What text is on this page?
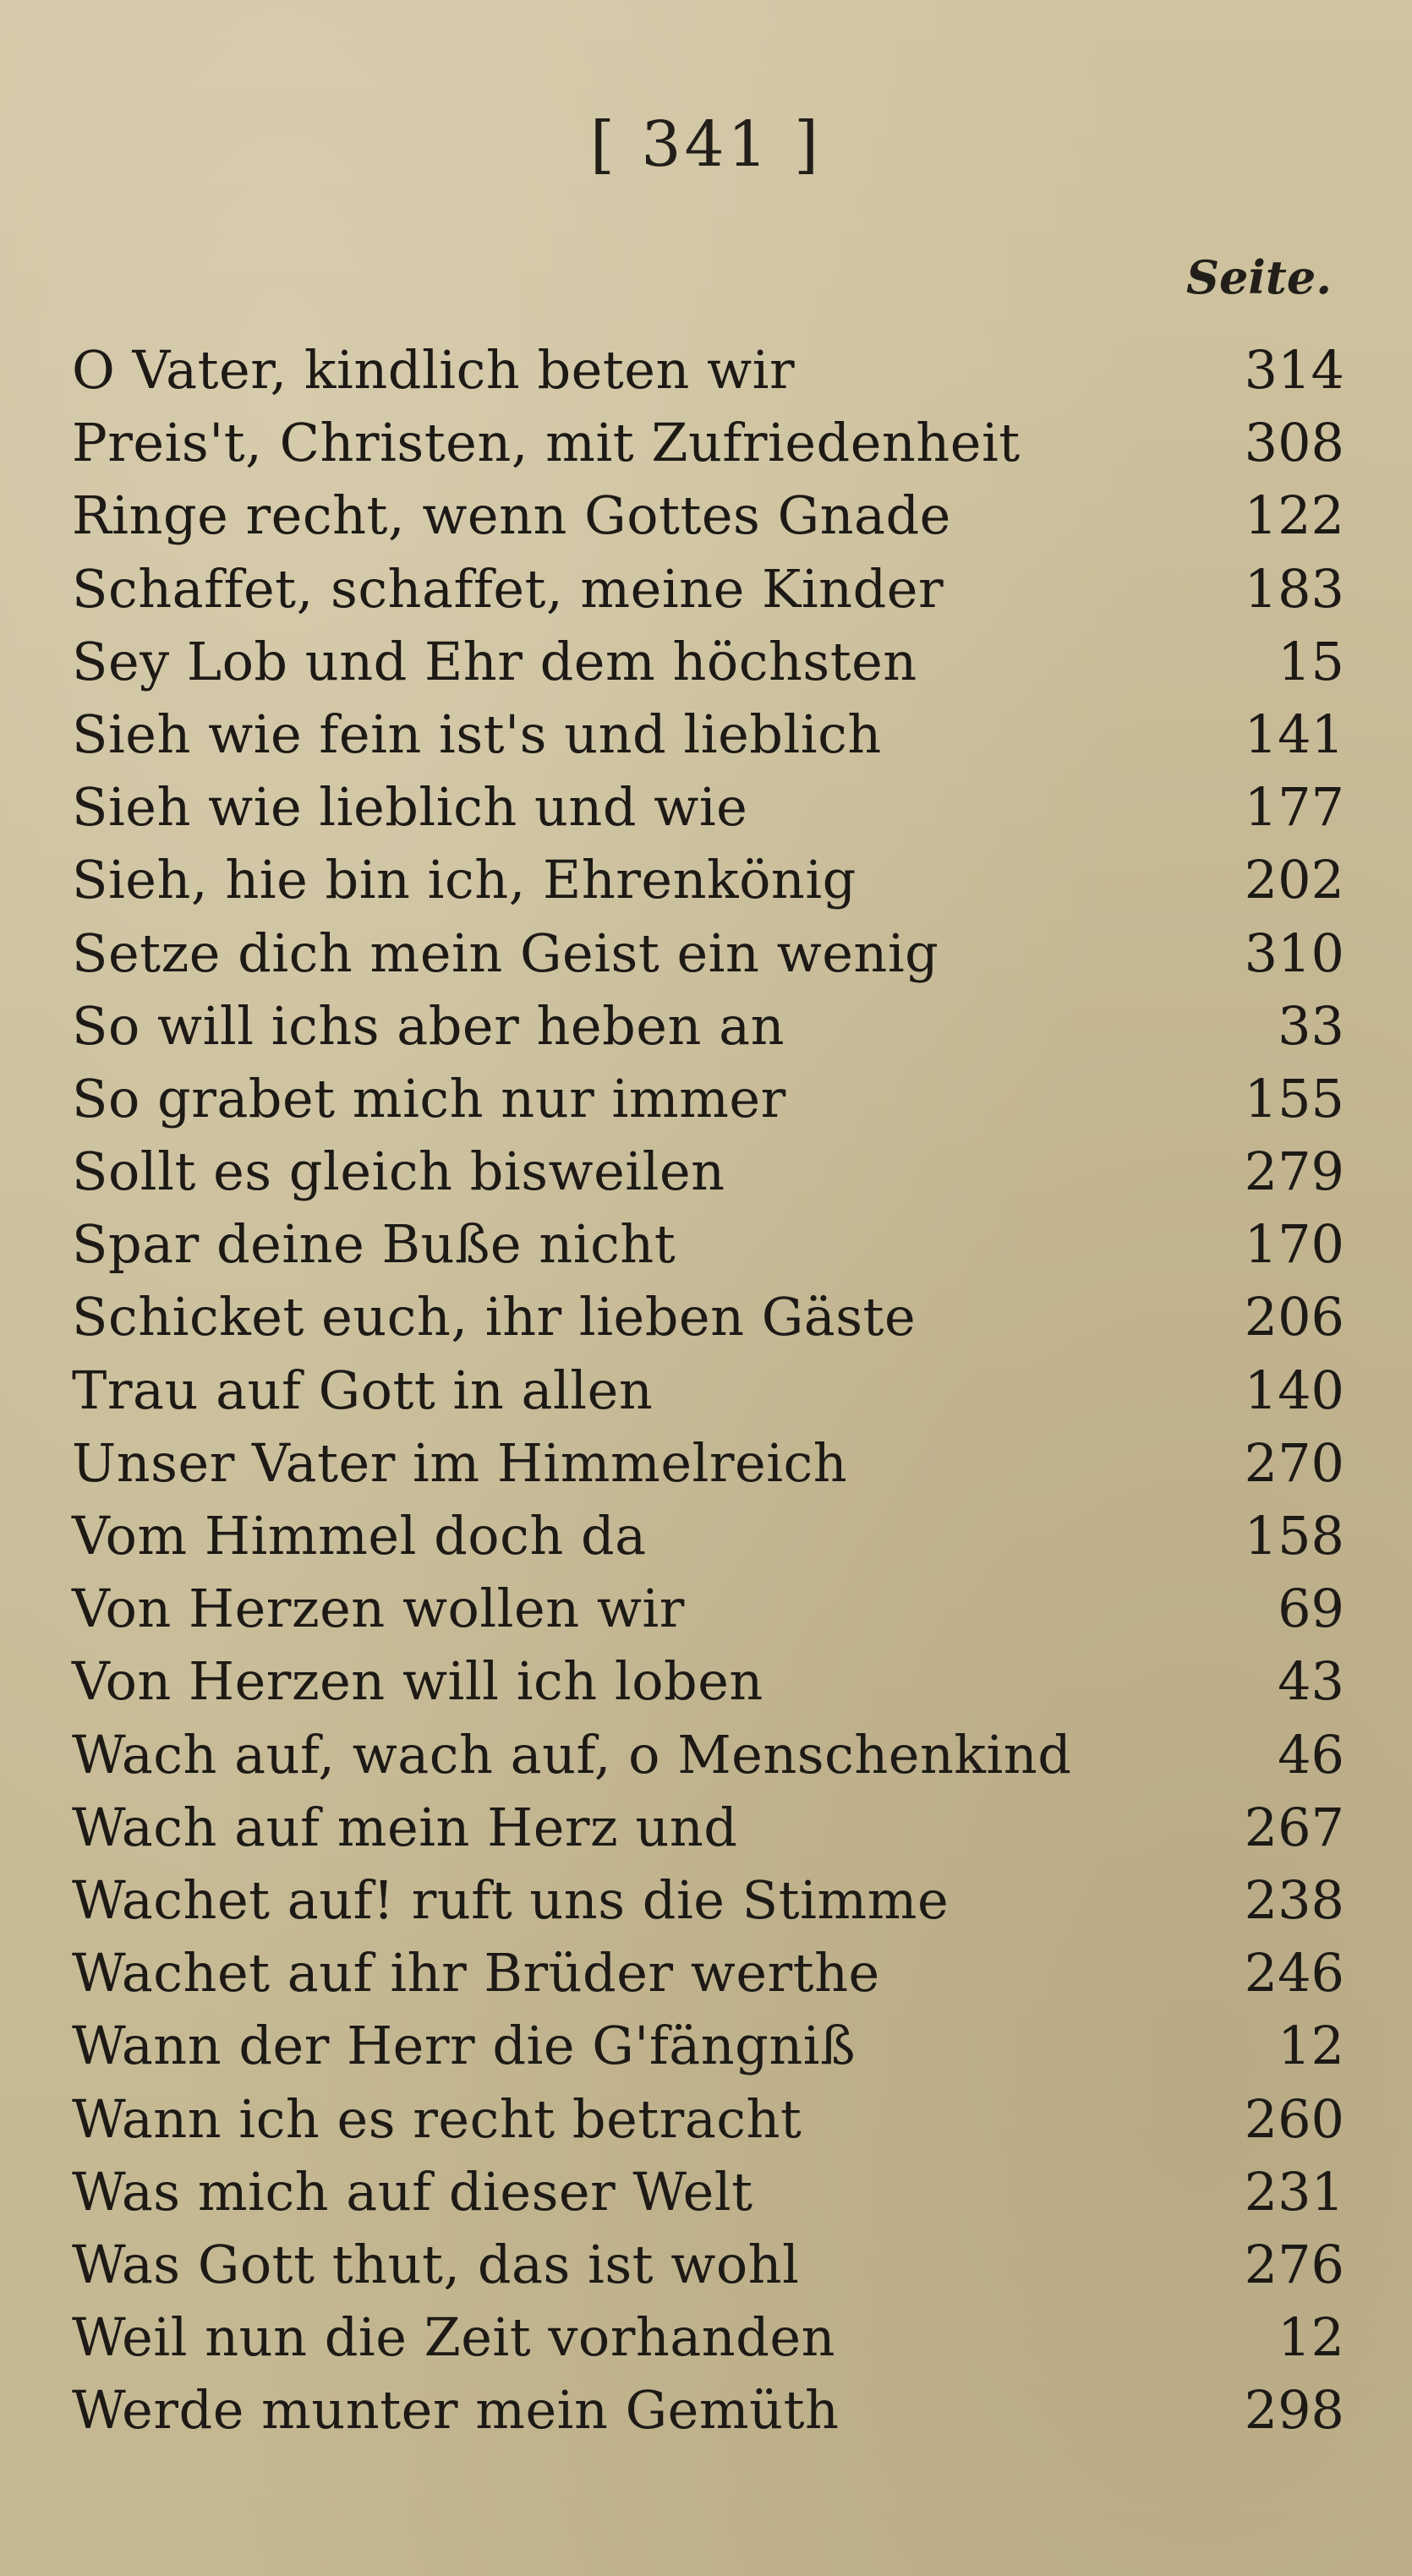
[ 341 ]
Seite.
O Vater, kindlich beten wir	314
Preis't, Christen, mit Zufriedenheit	308
Ringe recht, wenn Gottes Gnade	122
Schaffet, schaffet, meine Kinder	183
Sey Lob und Ehr dem höchsten	15
Sieh wie fein ist's und lieblich	141
Sieh wie lieblich und wie	177
Sieh, hie bin ich, Ehrenkönig	202
Setze dich mein Geist ein wenig	310
So will ichs aber heben an	33
So grabet mich nur immer	155
Sollt es gleich bisweilen	279
Spar deine Buße nicht	170
Schicket euch, ihr lieben Gäste	206
Trau auf Gott in allen	140
Unser Vater im Himmelreich	270
Vom Himmel doch da	158
Von Herzen wollen wir	69
Von Herzen will ich loben	43
Wach auf, wach auf, o Menschenkind	46
Wach auf mein Herz und	267
Wachet auf! ruft uns die Stimme	238
Wachet auf ihr Brüder werthe	246
Wann der Herr die G'fängniß	12
Wann ich es recht betracht	260
Was mich auf dieser Welt	231
Was Gott thut, das ist wohl	276
Weil nun die Zeit vorhanden	12
Werde munter mein Gemüth	298
